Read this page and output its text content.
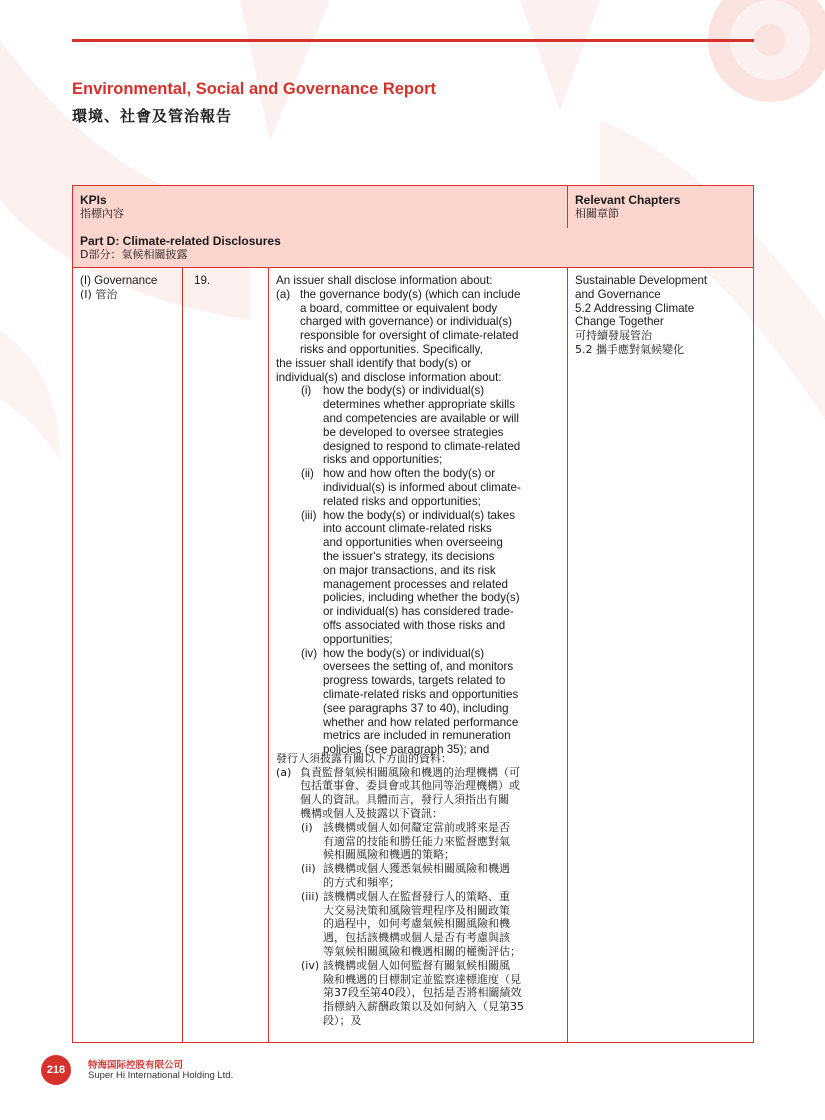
Environmental, Social and Governance Report
環境、社會及管治報告
KPIs
指標內容
Relevant Chapters
相關章節
Part D: Climate-related Disclosures
D部分：氣候相關披露
(I) Governance
(I) 管治
19.	An issuer shall disclose information about:
(a) the governance body(s) (which can include
a board, committee or equivalent body
charged with governance) or individual(s)
responsible for oversight of climate-related
risks and opportunities. Specifically,
the issuer shall identify that body(s) or
individual(s) and disclose information about:
(i) how the body(s) or individual(s)
determines whether appropriate skills
and competencies are available or will
be developed to oversee strategies
designed to respond to climate-related
risks and opportunities;
(ii) how and how often the body(s) or
individual(s) is informed about climate-
related risks and opportunities;
(iii) how the body(s) or individual(s) takes
into account climate-related risks
and opportunities when overseeing
the issuer's strategy, its decisions
on major transactions, and its risk
management processes and related
policies, including whether the body(s)
or individual(s) has considered trade-
offs associated with those risks and
opportunities;
(iv) how the body(s) or individual(s)
oversees the setting of, and monitors
progress towards, targets related to
climate-related risks and opportunities
(see paragraphs 37 to 40), including
whether and how related performance
metrics are included in remuneration
policies (see paragraph 35); and
發行人須披露有關以下方面的資料：
(a) 負責監督氣候相關風險和機遇的治理機構（可
包括董事會、委員會或其他同等治理機構）或
個人的資訊。具體而言，發行人須指出有關
機構或個人及披露以下資訊：
(i) 該機構或個人如何釐定當前或將來是否
有適當的技能和勝任能力來監督應對氣
候相關風險和機遇的策略；
(ii) 該機構或個人獲悉氣候相關風險和機遇
的方式和頻率；
(iii) 該機構或個人在監督發行人的策略、重
大交易決策和風險管理程序及相關政策
的過程中，如何考慮氣候相關風險和機
遇，包括該機構或個人是否有考慮與該
等氣候相關風險和機遇相關的權衡評估；
(iv) 該機構或個人如何監督有關氣候相關風
險和機遇的目標制定並監察達標進度（見
第37段至第40段），包括是否將相關績效
指標納入薪酬政策以及如何納入（見第35
段）；及
Sustainable Development
and Governance
5.2 Addressing Climate
Change Together
可持續發展管治
5.2 攜手應對氣候變化
218	特海国际控股有限公司
Super Hi International Holding Ltd.
